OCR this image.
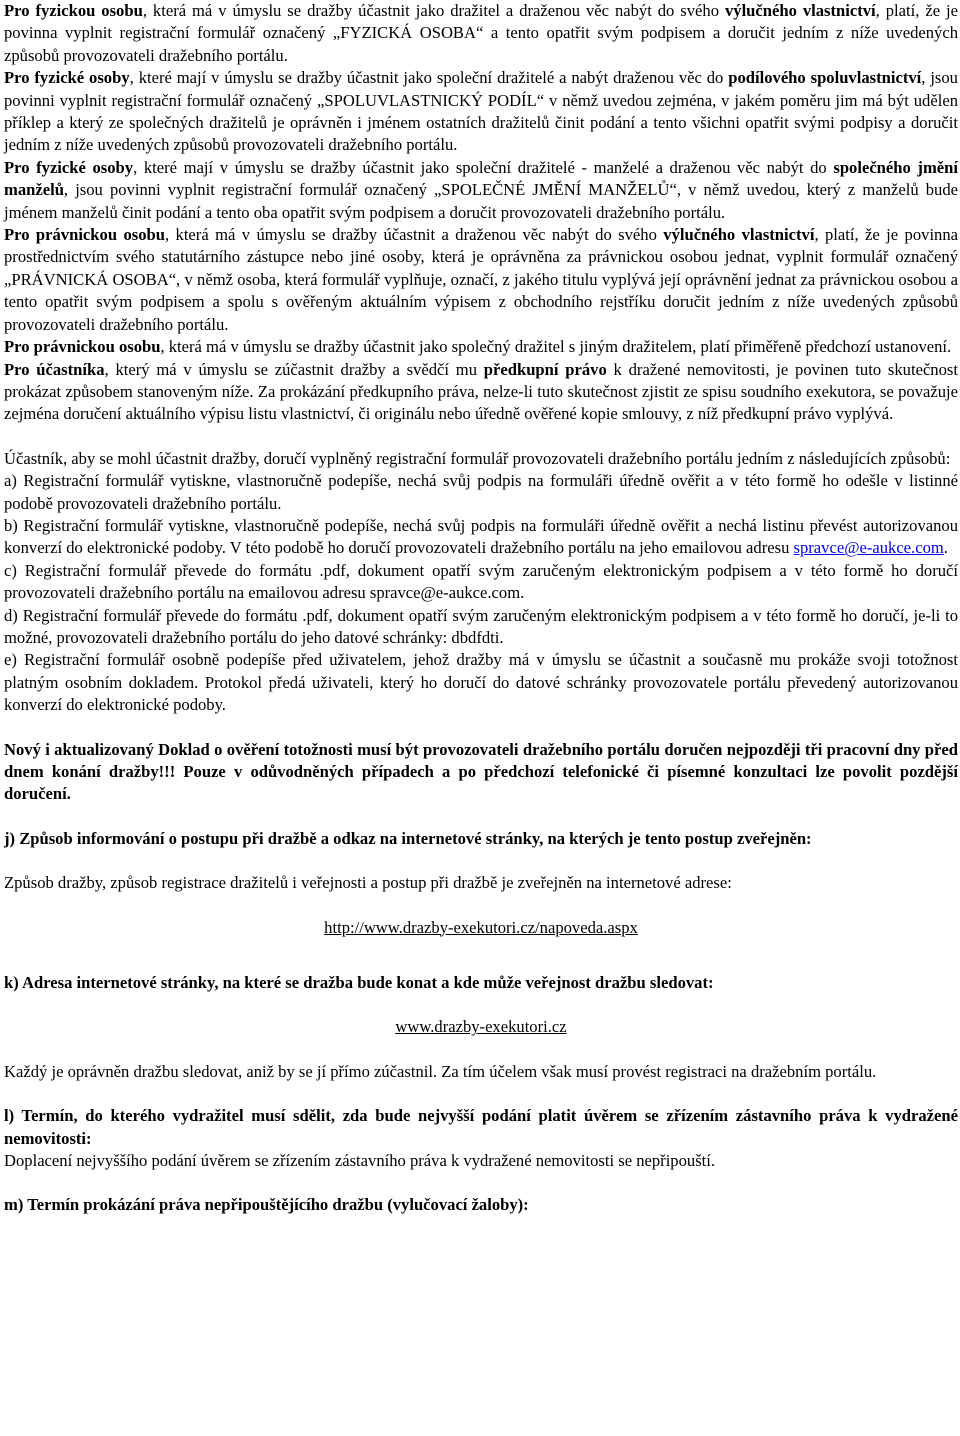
Pro fyzickou osobu, která má v úmyslu se dražby účastnit jako dražitel a draženou věc nabýt do svého výlučného vlastnictví, platí, že je povinna vyplnit registrační formulář označený „FYZICKÁ OSOBA“ a tento opatřit svým podpisem a doručit jedním z níže uvedených způsobů provozovateli dražebního portálu.

Pro fyzické osoby, které mají v úmyslu se dražby účastnit jako společní dražitelé a nabýt draženou věc do podílového spoluvlastnictví, jsou povinni vyplnit registrační formulář označený „SPOLUVLASTNICKÝ PODÍL“ v němž uvedou zejména, v jakém poměru jim má být udělen příklep a který ze společných dražitelů je oprávněn i jménem ostatních dražitelů činit podání a tento všichni opatřit svými podpisy a doručit jedním z níže uvedených způsobů provozovateli dražebního portálu.

Pro fyzické osoby, které mají v úmyslu se dražby účastnit jako společní dražitelé - manželé a draženou věc nabýt do společného jmění manželů, jsou povinni vyplnit registrační formulář označený „SPOLEČNÉ JMĚNÍ MANŽELŮ“, v němž uvedou, který z manželů bude jménem manželů činit podání a tento oba opatřit svým podpisem a doručit provozovateli dražebního portálu.

Pro právnickou osobu, která má v úmyslu se dražby účastnit a draženou věc nabýt do svého výlučného vlastnictví, platí, že je povinna prostřednictvím svého statutárního zástupce nebo jiné osoby, která je oprávněna za právnickou osobou jednat, vyplnit formulář označený „PRÁVNICKÁ OSOBA“, v němž osoba, která formulář vyplňuje, označí, z jakého titulu vyplývá její oprávnění jednat za právnickou osobou a tento opatřit svým podpisem a spolu s ověřeným aktuálním výpisem z obchodního rejstříku doručit jedním z níže uvedených způsobů provozovateli dražebního portálu.

Pro právnickou osobu, která má v úmyslu se dražby účastnit jako společný dražitel s jiným dražitelem, platí přiměřeně předchozí ustanovení.

Pro účastníka, který má v úmyslu se zúčastnit dražby a svědčí mu předkupní právo k dražené nemovitosti, je povinen tuto skutečnost prokázat způsobem stanoveným níže. Za prokázání předkupního práva, nelze-li tuto skutečnost zjistit ze spisu soudního exekutora, se považuje zejména doručení aktuálního výpisu listu vlastnictví, či originálu nebo úředně ověřené kopie smlouvy, z níž předkupní právo vyplývá.

Účastník, aby se mohl účastnit dražby, doručí vyplněný registrační formulář provozovateli dražebního portálu jedním z následujících způsobů:

a) Registrační formulář vytiskne, vlastnoručně podepíše, nechá svůj podpis na formuláři úředně ověřit a v této formě ho odešle v listinné podobě provozovateli dražebního portálu.

b) Registrační formulář vytiskne, vlastnoručně podepíše, nechá svůj podpis na formuláři úředně ověřit a nechá listinu převést autorizovanou konverzí do elektronické podoby. V této podobě ho doručí provozovateli dražebního portálu na jeho emailovou adresu spravce@e-aukce.com.

c) Registrační formulář převede do formátu .pdf, dokument opatří svým zaručeným elektronickým podpisem a v této formě ho doručí provozovateli dražebního portálu na emailovou adresu spravce@e-aukce.com.

d) Registrační formulář převede do formátu .pdf, dokument opatří svým zaručeným elektronickým podpisem a v této formě ho doručí, je-li to možné, provozovateli dražebního portálu do jeho datové schránky: dbdfdti.

e) Registrační formulář osobně podepíše před uživatelem, jehož dražby má v úmyslu se účastnit a současně mu prokáže svoji totožnost platným osobním dokladem. Protokol předá uživateli, který ho doručí do datové schránky provozovatele portálu převedený autorizovanou konverzí do elektronické podoby.

Nový i aktualizovaný Doklad o ověření totožnosti musí být provozovateli dražebního portálu doručen nejpozději tři pracovní dny před dnem konání dražby!!! Pouze v odůvodněných případech a po předchozí telefonické či písemné konzultaci lze povolit pozdější doručení.

j) Způsob informování o postupu při dražbě a odkaz na internetové stránky, na kterých je tento postup zveřejněn:

Způsob dražby, způsob registrace dražitelů i veřejnosti a postup při dražbě je zveřejněn na internetové adrese:

http://www.drazby-exekutori.cz/napoveda.aspx

k) Adresa internetové stránky, na které se dražba bude konat a kde může veřejnost dražbu sledovat:

www.drazby-exekutori.cz

Každý je oprávněn dražbu sledovat, aniž by se jí přímo zúčastnil. Za tím účelem však musí provést registraci na dražebním portálu.

l) Termín, do kterého vydražitel musí sdělit, zda bude nejvyšší podání platit úvěrem se zřízením zástavního práva k vydražené nemovitosti:

Doplacení nejvyššího podání úvěrem se zřízením zástavního práva k vydražené nemovitosti se nepřipouští.

m) Termín prokázání práva nepřipouštějícího dražbu (vylučovací žaloby):
